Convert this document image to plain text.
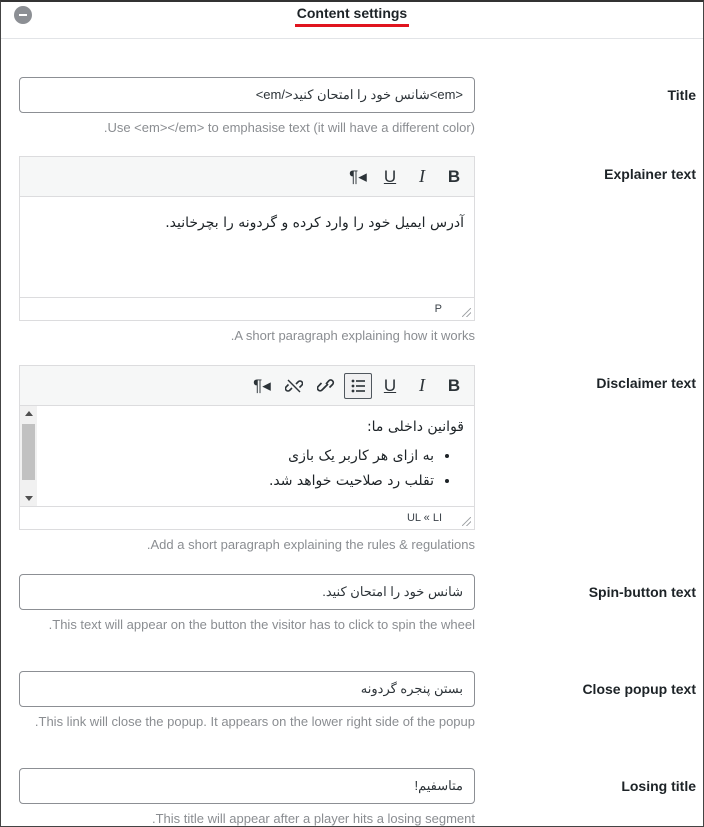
Content settings
Title
<em>شانس خود را امتحان کنید</em>
Use <em></em> to emphasise text (it will have a different color).
Explainer text
¶◂	U	I	B
آدرس ایمیل خود را وارد کرده و گردونه را بچرخانید.
P
A short paragraph explaining how it works.
Disclaimer text
¶◂	U	I	B
قوانین داخلی ما:
• به ازای هر کاربر یک بازی
• تقلب رد صلاحیت خواهد شد.
UL « LI
Add a short paragraph explaining the rules & regulations.
Spin-button text
شانس خود را امتحان کنید.
This text will appear on the button the visitor has to click to spin the wheel.
Close popup text
بستن پنجره گردونه
This link will close the popup. It appears on the lower right side of the popup.
Losing title
متاسفیم!
This title will appear after a player hits a losing segment.
